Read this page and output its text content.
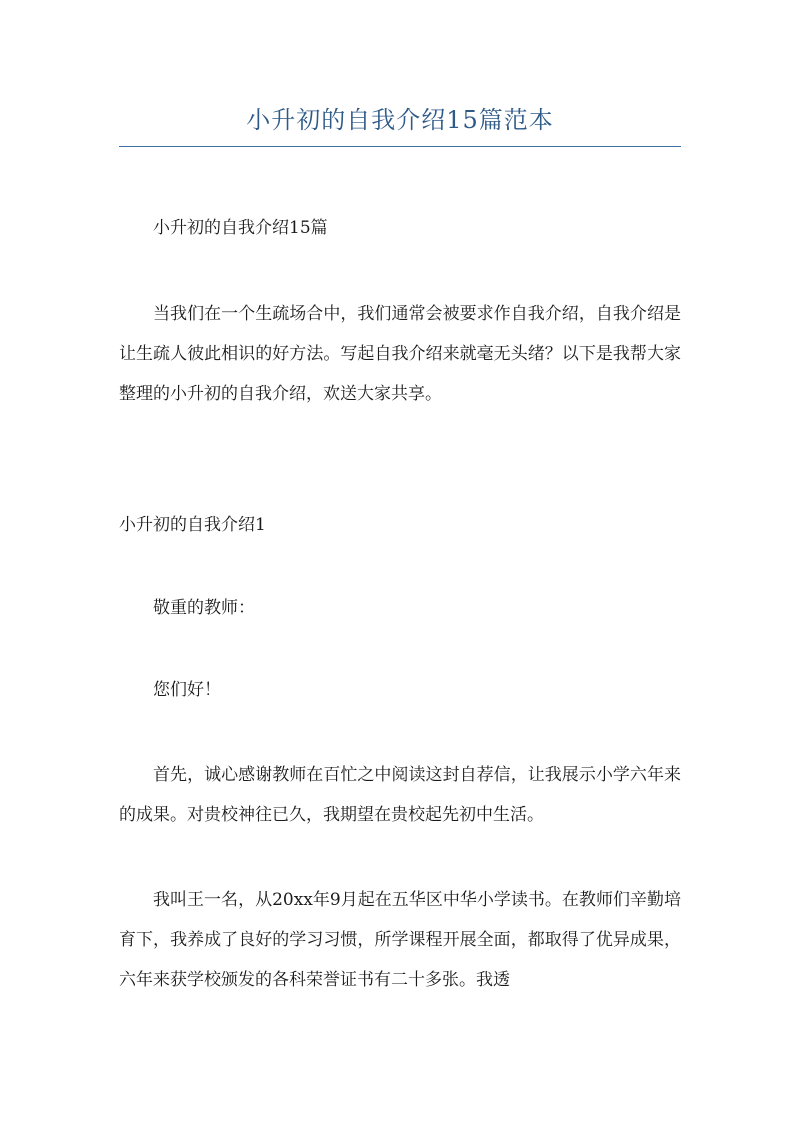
小升初的自我介绍15篇范本

小升初的自我介绍15篇

当我们在一个生疏场合中，我们通常会被要求作自我介绍，自我介绍是让生疏人彼此相识的好方法。写起自我介绍来就毫无头绪？以下是我帮大家整理的小升初的自我介绍，欢送大家共享。

小升初的自我介绍1

敬重的教师：

您们好！

首先，诚心感谢教师在百忙之中阅读这封自荐信，让我展示小学六年来的成果。对贵校神往已久，我期望在贵校起先初中生活。

我叫王一名，从20xx年9月起在五华区中华小学读书。在教师们辛勤培育下，我养成了良好的学习习惯，所学课程开展全面，都取得了优异成果，六年来获学校颁发的各科荣誉证书有二十多张。我透
